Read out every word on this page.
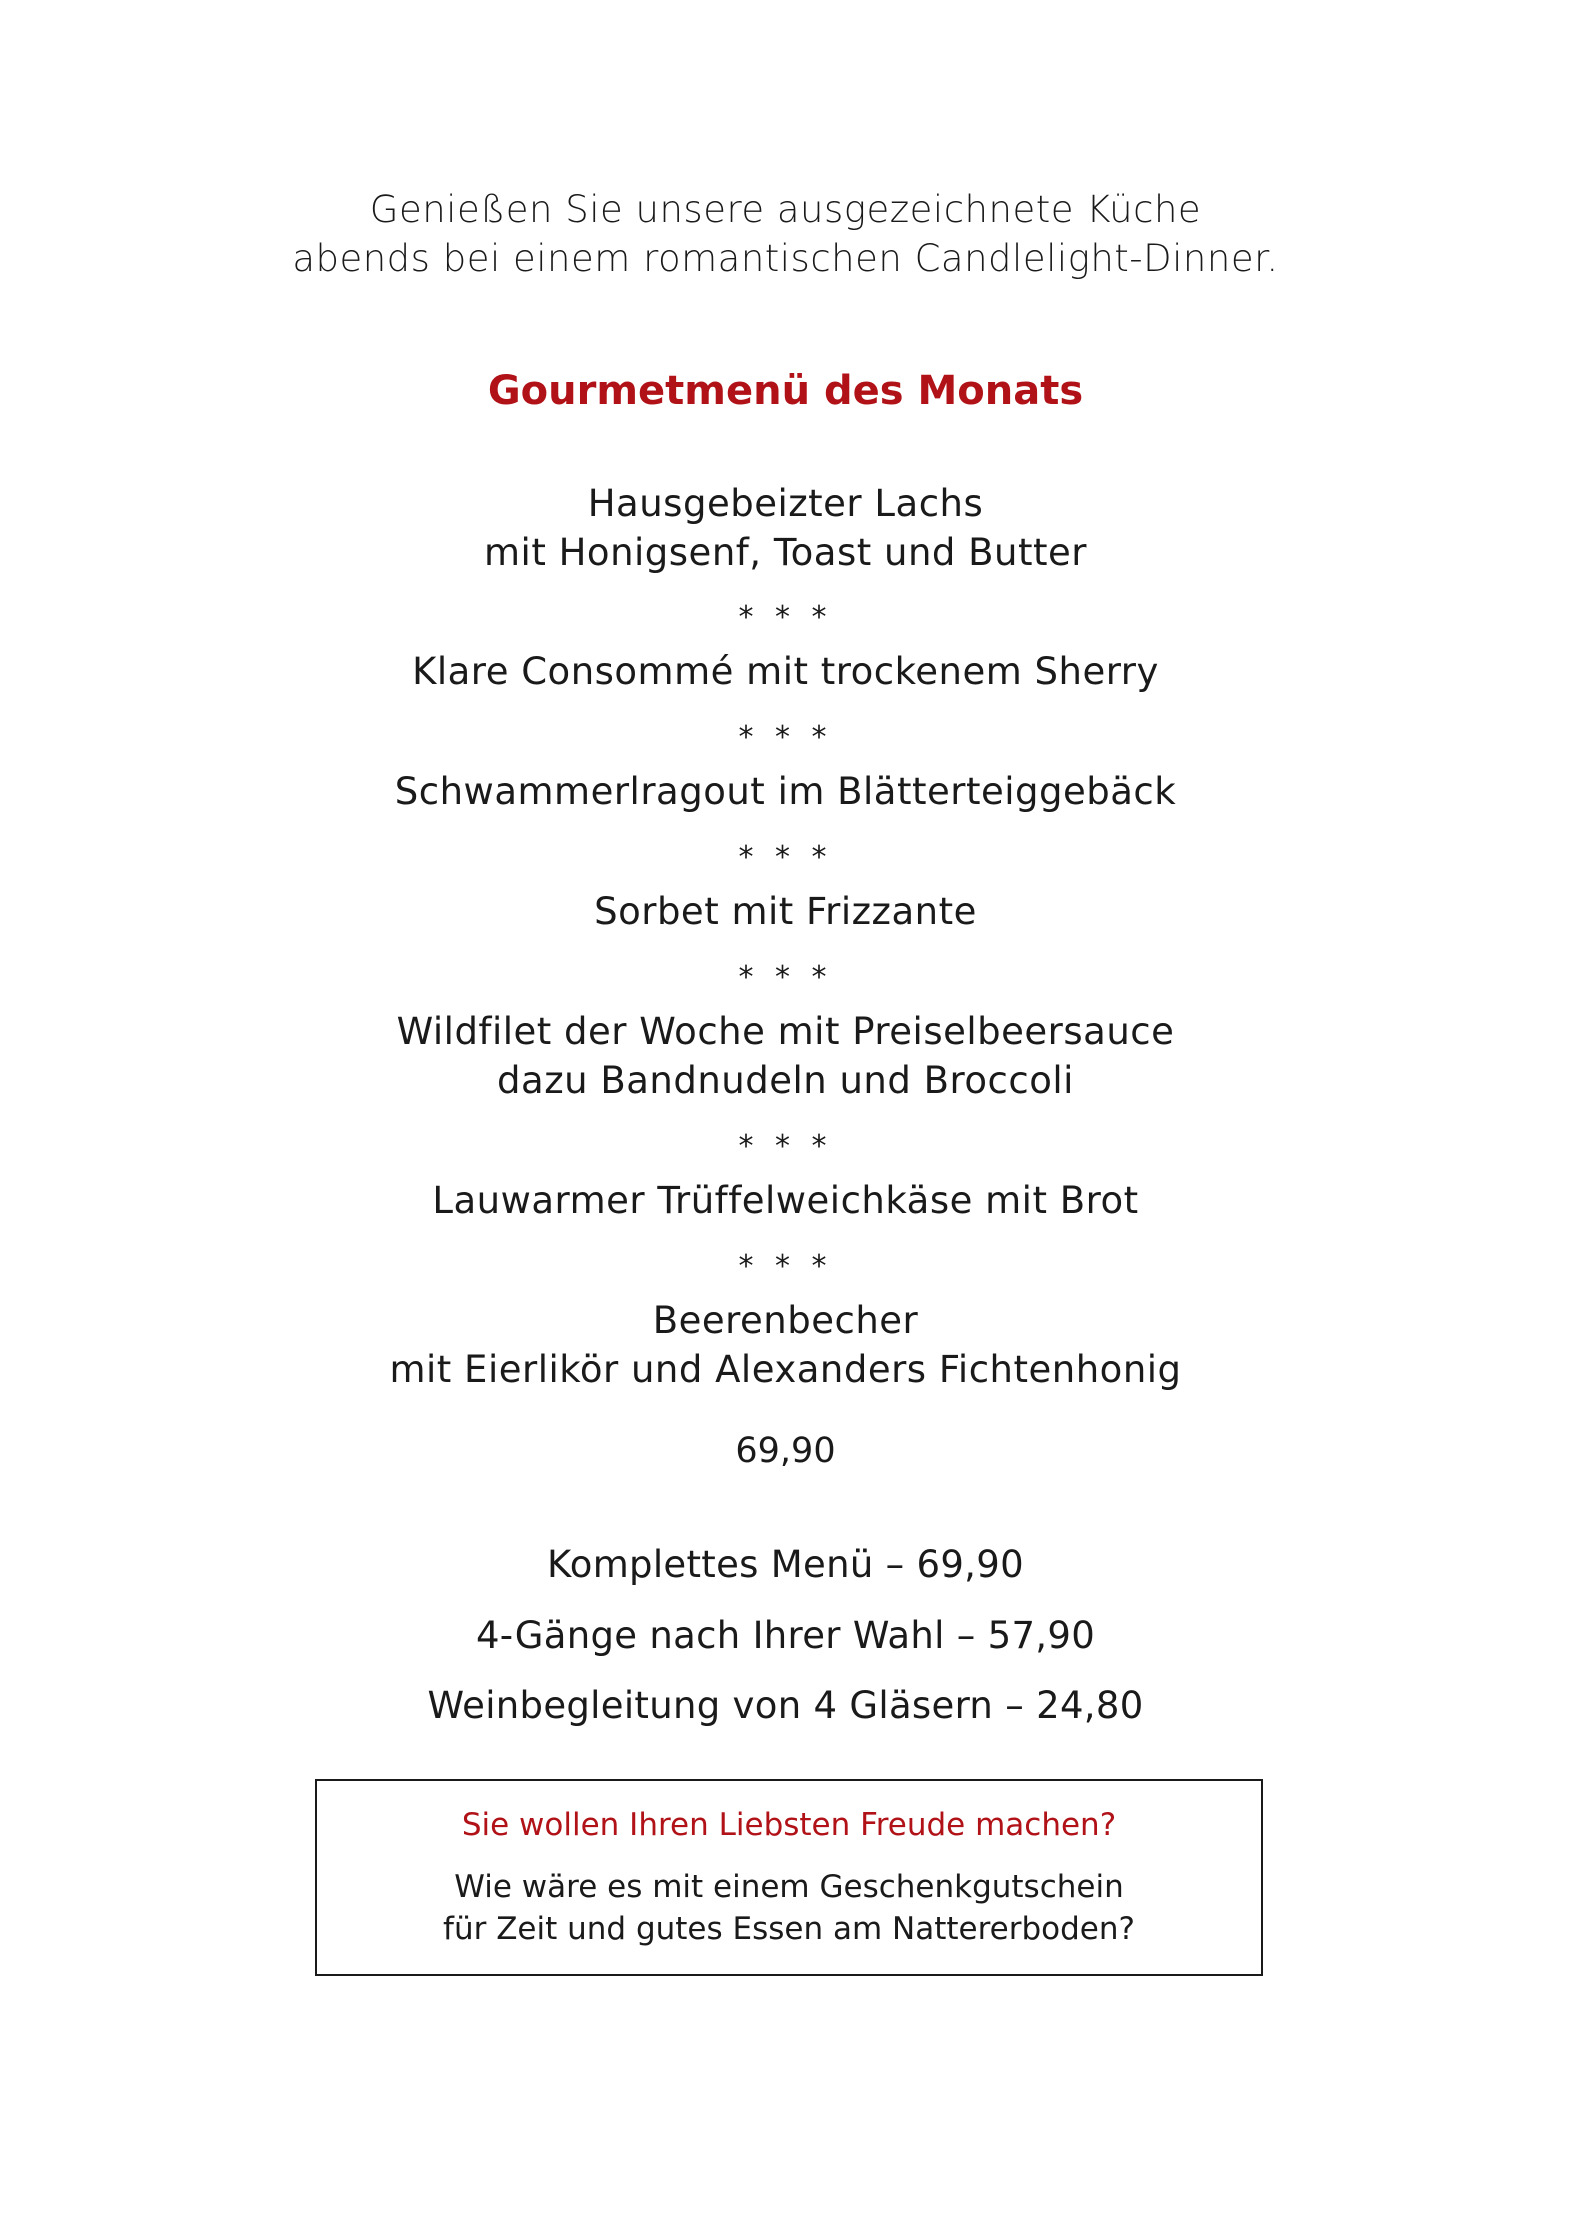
Genießen Sie unsere ausgezeichnete Küche
abends bei einem romantischen Candlelight-Dinner.
Gourmetmenü des Monats
Hausgebeizter Lachs
mit Honigsenf, Toast und Butter
* * *
Klare Consommé mit trockenem Sherry
* * *
Schwammerlragout im Blätterteiggebäck
* * *
Sorbet mit Frizzante
* * *
Wildfilet der Woche mit Preiselbeersauce
dazu Bandnudeln und Broccoli
* * *
Lauwarmer Trüffelweichkäse mit Brot
* * *
Beerenbecher
mit Eierlikör und Alexanders Fichtenhonig
69,90
Komplettes Menü – 69,90
4-Gänge nach Ihrer Wahl – 57,90
Weinbegleitung von 4 Gläsern – 24,80
Sie wollen Ihren Liebsten Freude machen?
Wie wäre es mit einem Geschenkgutschein
für Zeit und gutes Essen am Nattererboden?
